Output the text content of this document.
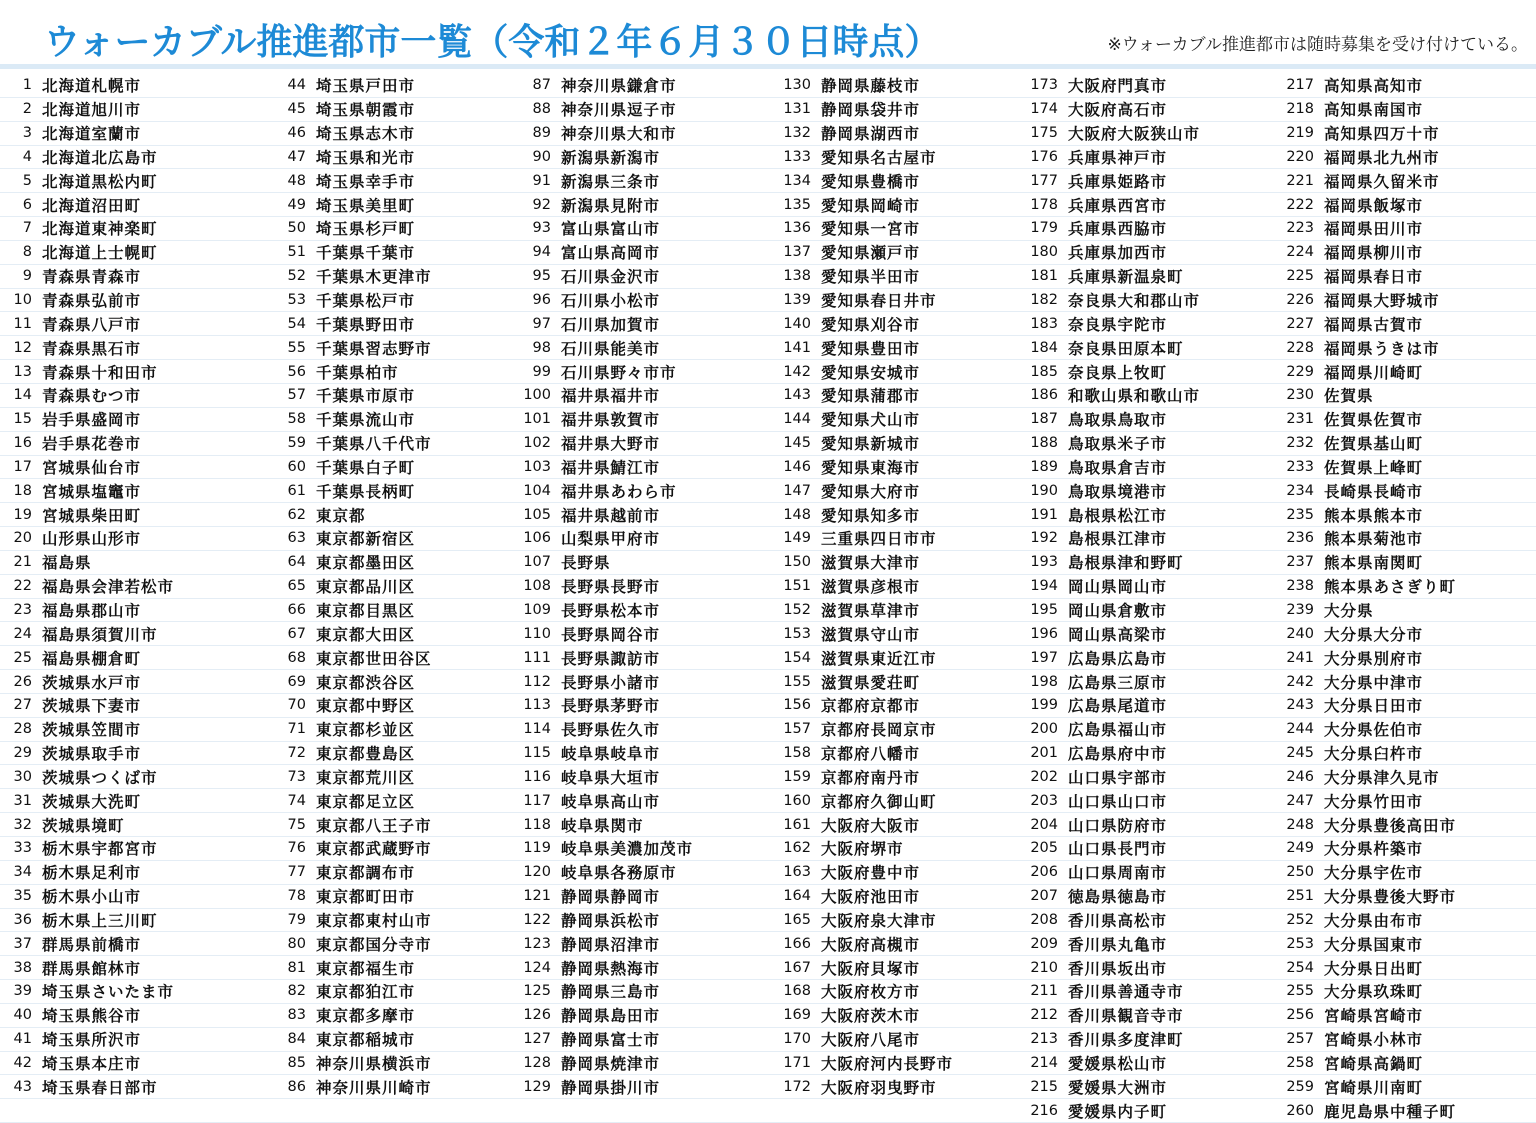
ウォーカブル推進都市一覧（令和２年６月３０日時点）	※ウォーカブル推進都市は随時募集を受け付けている。
1 北海道札幌市
2 北海道旭川市
3 北海道室蘭市
4 北海道北広島市
5 北海道黒松内町
6 北海道沼田町
7 北海道東神楽町
8 北海道上士幌町
9 青森県青森市
10 青森県弘前市
11 青森県八戸市
12 青森県黒石市
13 青森県十和田市
14 青森県むつ市
15 岩手県盛岡市
16 岩手県花巻市
17 宮城県仙台市
18 宮城県塩竈市
19 宮城県柴田町
20 山形県山形市
21 福島県
22 福島県会津若松市
23 福島県郡山市
24 福島県須賀川市
25 福島県棚倉町
26 茨城県水戸市
27 茨城県下妻市
28 茨城県笠間市
29 茨城県取手市
30 茨城県つくば市
31 茨城県大洗町
32 茨城県境町
33 栃木県宇都宮市
34 栃木県足利市
35 栃木県小山市
36 栃木県上三川町
37 群馬県前橋市
38 群馬県館林市
39 埼玉県さいたま市
40 埼玉県熊谷市
41 埼玉県所沢市
42 埼玉県本庄市
43 埼玉県春日部市
44 埼玉県戸田市
45 埼玉県朝霞市
46 埼玉県志木市
47 埼玉県和光市
48 埼玉県幸手市
49 埼玉県美里町
50 埼玉県杉戸町
51 千葉県千葉市
52 千葉県木更津市
53 千葉県松戸市
54 千葉県野田市
55 千葉県習志野市
56 千葉県柏市
57 千葉県市原市
58 千葉県流山市
59 千葉県八千代市
60 千葉県白子町
61 千葉県長柄町
62 東京都
63 東京都新宿区
64 東京都墨田区
65 東京都品川区
66 東京都目黒区
67 東京都大田区
68 東京都世田谷区
69 東京都渋谷区
70 東京都中野区
71 東京都杉並区
72 東京都豊島区
73 東京都荒川区
74 東京都足立区
75 東京都八王子市
76 東京都武蔵野市
77 東京都調布市
78 東京都町田市
79 東京都東村山市
80 東京都国分寺市
81 東京都福生市
82 東京都狛江市
83 東京都多摩市
84 東京都稲城市
85 神奈川県横浜市
86 神奈川県川崎市
87 神奈川県鎌倉市
88 神奈川県逗子市
89 神奈川県大和市
90 新潟県新潟市
91 新潟県三条市
92 新潟県見附市
93 富山県富山市
94 富山県高岡市
95 石川県金沢市
96 石川県小松市
97 石川県加賀市
98 石川県能美市
99 石川県野々市市
100 福井県福井市
101 福井県敦賀市
102 福井県大野市
103 福井県鯖江市
104 福井県あわら市
105 福井県越前市
106 山梨県甲府市
107 長野県
108 長野県長野市
109 長野県松本市
110 長野県岡谷市
111 長野県諏訪市
112 長野県小諸市
113 長野県茅野市
114 長野県佐久市
115 岐阜県岐阜市
116 岐阜県大垣市
117 岐阜県高山市
118 岐阜県関市
119 岐阜県美濃加茂市
120 岐阜県各務原市
121 静岡県静岡市
122 静岡県浜松市
123 静岡県沼津市
124 静岡県熱海市
125 静岡県三島市
126 静岡県島田市
127 静岡県富士市
128 静岡県焼津市
129 静岡県掛川市
130 静岡県藤枝市
131 静岡県袋井市
132 静岡県湖西市
133 愛知県名古屋市
134 愛知県豊橋市
135 愛知県岡崎市
136 愛知県一宮市
137 愛知県瀬戸市
138 愛知県半田市
139 愛知県春日井市
140 愛知県刈谷市
141 愛知県豊田市
142 愛知県安城市
143 愛知県蒲郡市
144 愛知県犬山市
145 愛知県新城市
146 愛知県東海市
147 愛知県大府市
148 愛知県知多市
149 三重県四日市市
150 滋賀県大津市
151 滋賀県彦根市
152 滋賀県草津市
153 滋賀県守山市
154 滋賀県東近江市
155 滋賀県愛荘町
156 京都府京都市
157 京都府長岡京市
158 京都府八幡市
159 京都府南丹市
160 京都府久御山町
161 大阪府大阪市
162 大阪府堺市
163 大阪府豊中市
164 大阪府池田市
165 大阪府泉大津市
166 大阪府高槻市
167 大阪府貝塚市
168 大阪府枚方市
169 大阪府茨木市
170 大阪府八尾市
171 大阪府河内長野市
172 大阪府羽曳野市
173 大阪府門真市
174 大阪府高石市
175 大阪府大阪狭山市
176 兵庫県神戸市
177 兵庫県姫路市
178 兵庫県西宮市
179 兵庫県西脇市
180 兵庫県加西市
181 兵庫県新温泉町
182 奈良県大和郡山市
183 奈良県宇陀市
184 奈良県田原本町
185 奈良県上牧町
186 和歌山県和歌山市
187 鳥取県鳥取市
188 鳥取県米子市
189 鳥取県倉吉市
190 鳥取県境港市
191 島根県松江市
192 島根県江津市
193 島根県津和野町
194 岡山県岡山市
195 岡山県倉敷市
196 岡山県高梁市
197 広島県広島市
198 広島県三原市
199 広島県尾道市
200 広島県福山市
201 広島県府中市
202 山口県宇部市
203 山口県山口市
204 山口県防府市
205 山口県長門市
206 山口県周南市
207 徳島県徳島市
208 香川県高松市
209 香川県丸亀市
210 香川県坂出市
211 香川県善通寺市
212 香川県観音寺市
213 香川県多度津町
214 愛媛県松山市
215 愛媛県大洲市
216 愛媛県内子町
217 高知県高知市
218 高知県南国市
219 高知県四万十市
220 福岡県北九州市
221 福岡県久留米市
222 福岡県飯塚市
223 福岡県田川市
224 福岡県柳川市
225 福岡県春日市
226 福岡県大野城市
227 福岡県古賀市
228 福岡県うきは市
229 福岡県川崎町
230 佐賀県
231 佐賀県佐賀市
232 佐賀県基山町
233 佐賀県上峰町
234 長崎県長崎市
235 熊本県熊本市
236 熊本県菊池市
237 熊本県南関町
238 熊本県あさぎり町
239 大分県
240 大分県大分市
241 大分県別府市
242 大分県中津市
243 大分県日田市
244 大分県佐伯市
245 大分県臼杵市
246 大分県津久見市
247 大分県竹田市
248 大分県豊後高田市
249 大分県杵築市
250 大分県宇佐市
251 大分県豊後大野市
252 大分県由布市
253 大分県国東市
254 大分県日出町
255 大分県玖珠町
256 宮崎県宮崎市
257 宮崎県小林市
258 宮崎県高鍋町
259 宮崎県川南町
260 鹿児島県中種子町
